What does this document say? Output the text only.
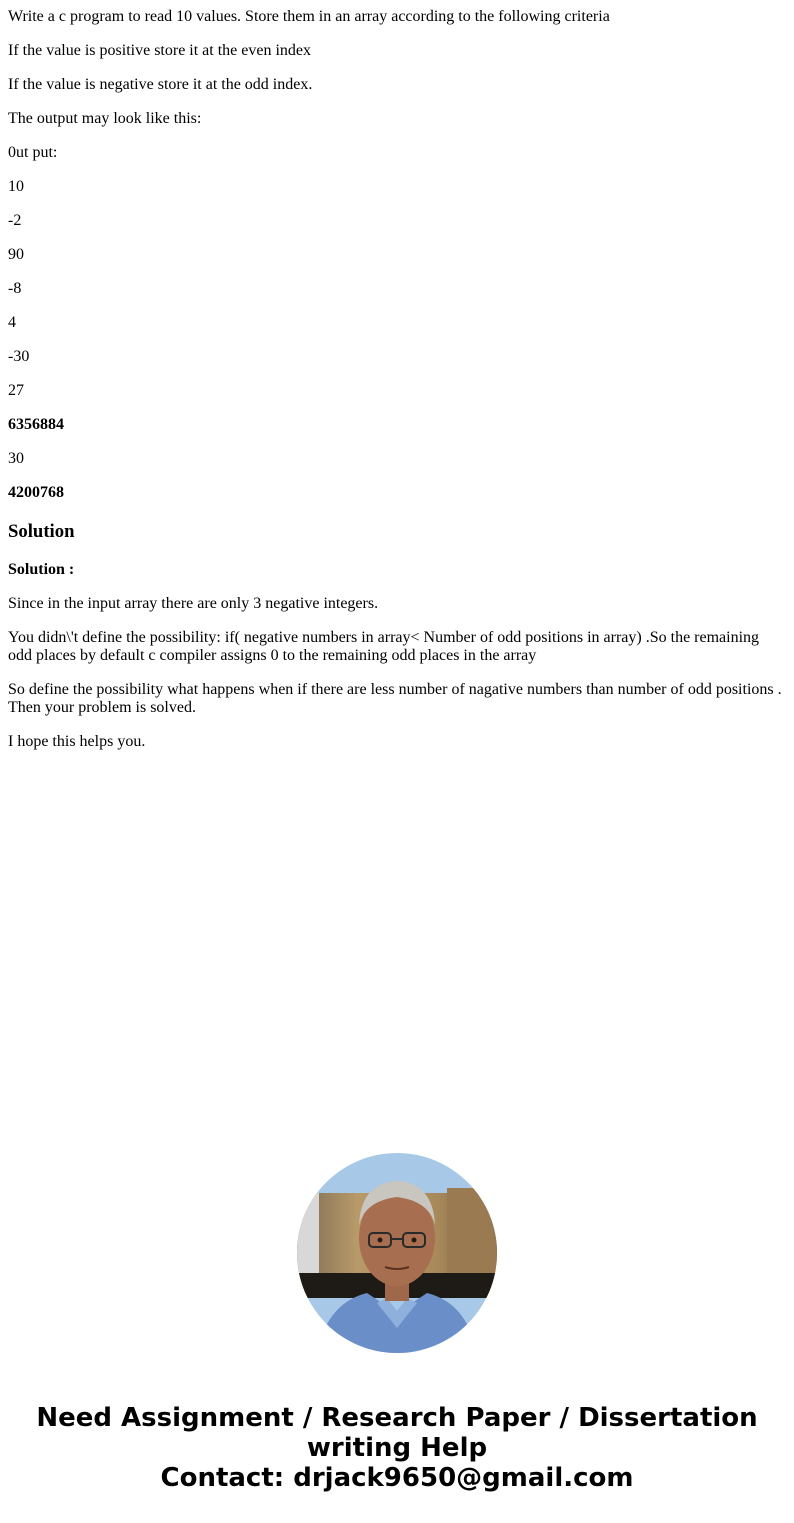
Write a c program to read 10 values. Store them in an array according to the following criteria
If the value is positive store it at the even index
If the value is negative store it at the odd index.
The output may look like this:
0ut put:
10
-2
90
-8
4
-30
27
6356884
30
4200768
Solution
Solution :
Since in the input array there are only 3 negative integers.
You didn\'t define the possibility: if( negative numbers in array< Number of odd positions in array) .So the remaining odd places by default c compiler assigns 0 to the remaining odd places in the array
So define the possibility what happens when if there are less number of nagative numbers than number of odd positions . Then your problem is solved.
I hope this helps you.
Need Assignment / Research Paper / Dissertation
writing Help
Contact: drjack9650@gmail.com
